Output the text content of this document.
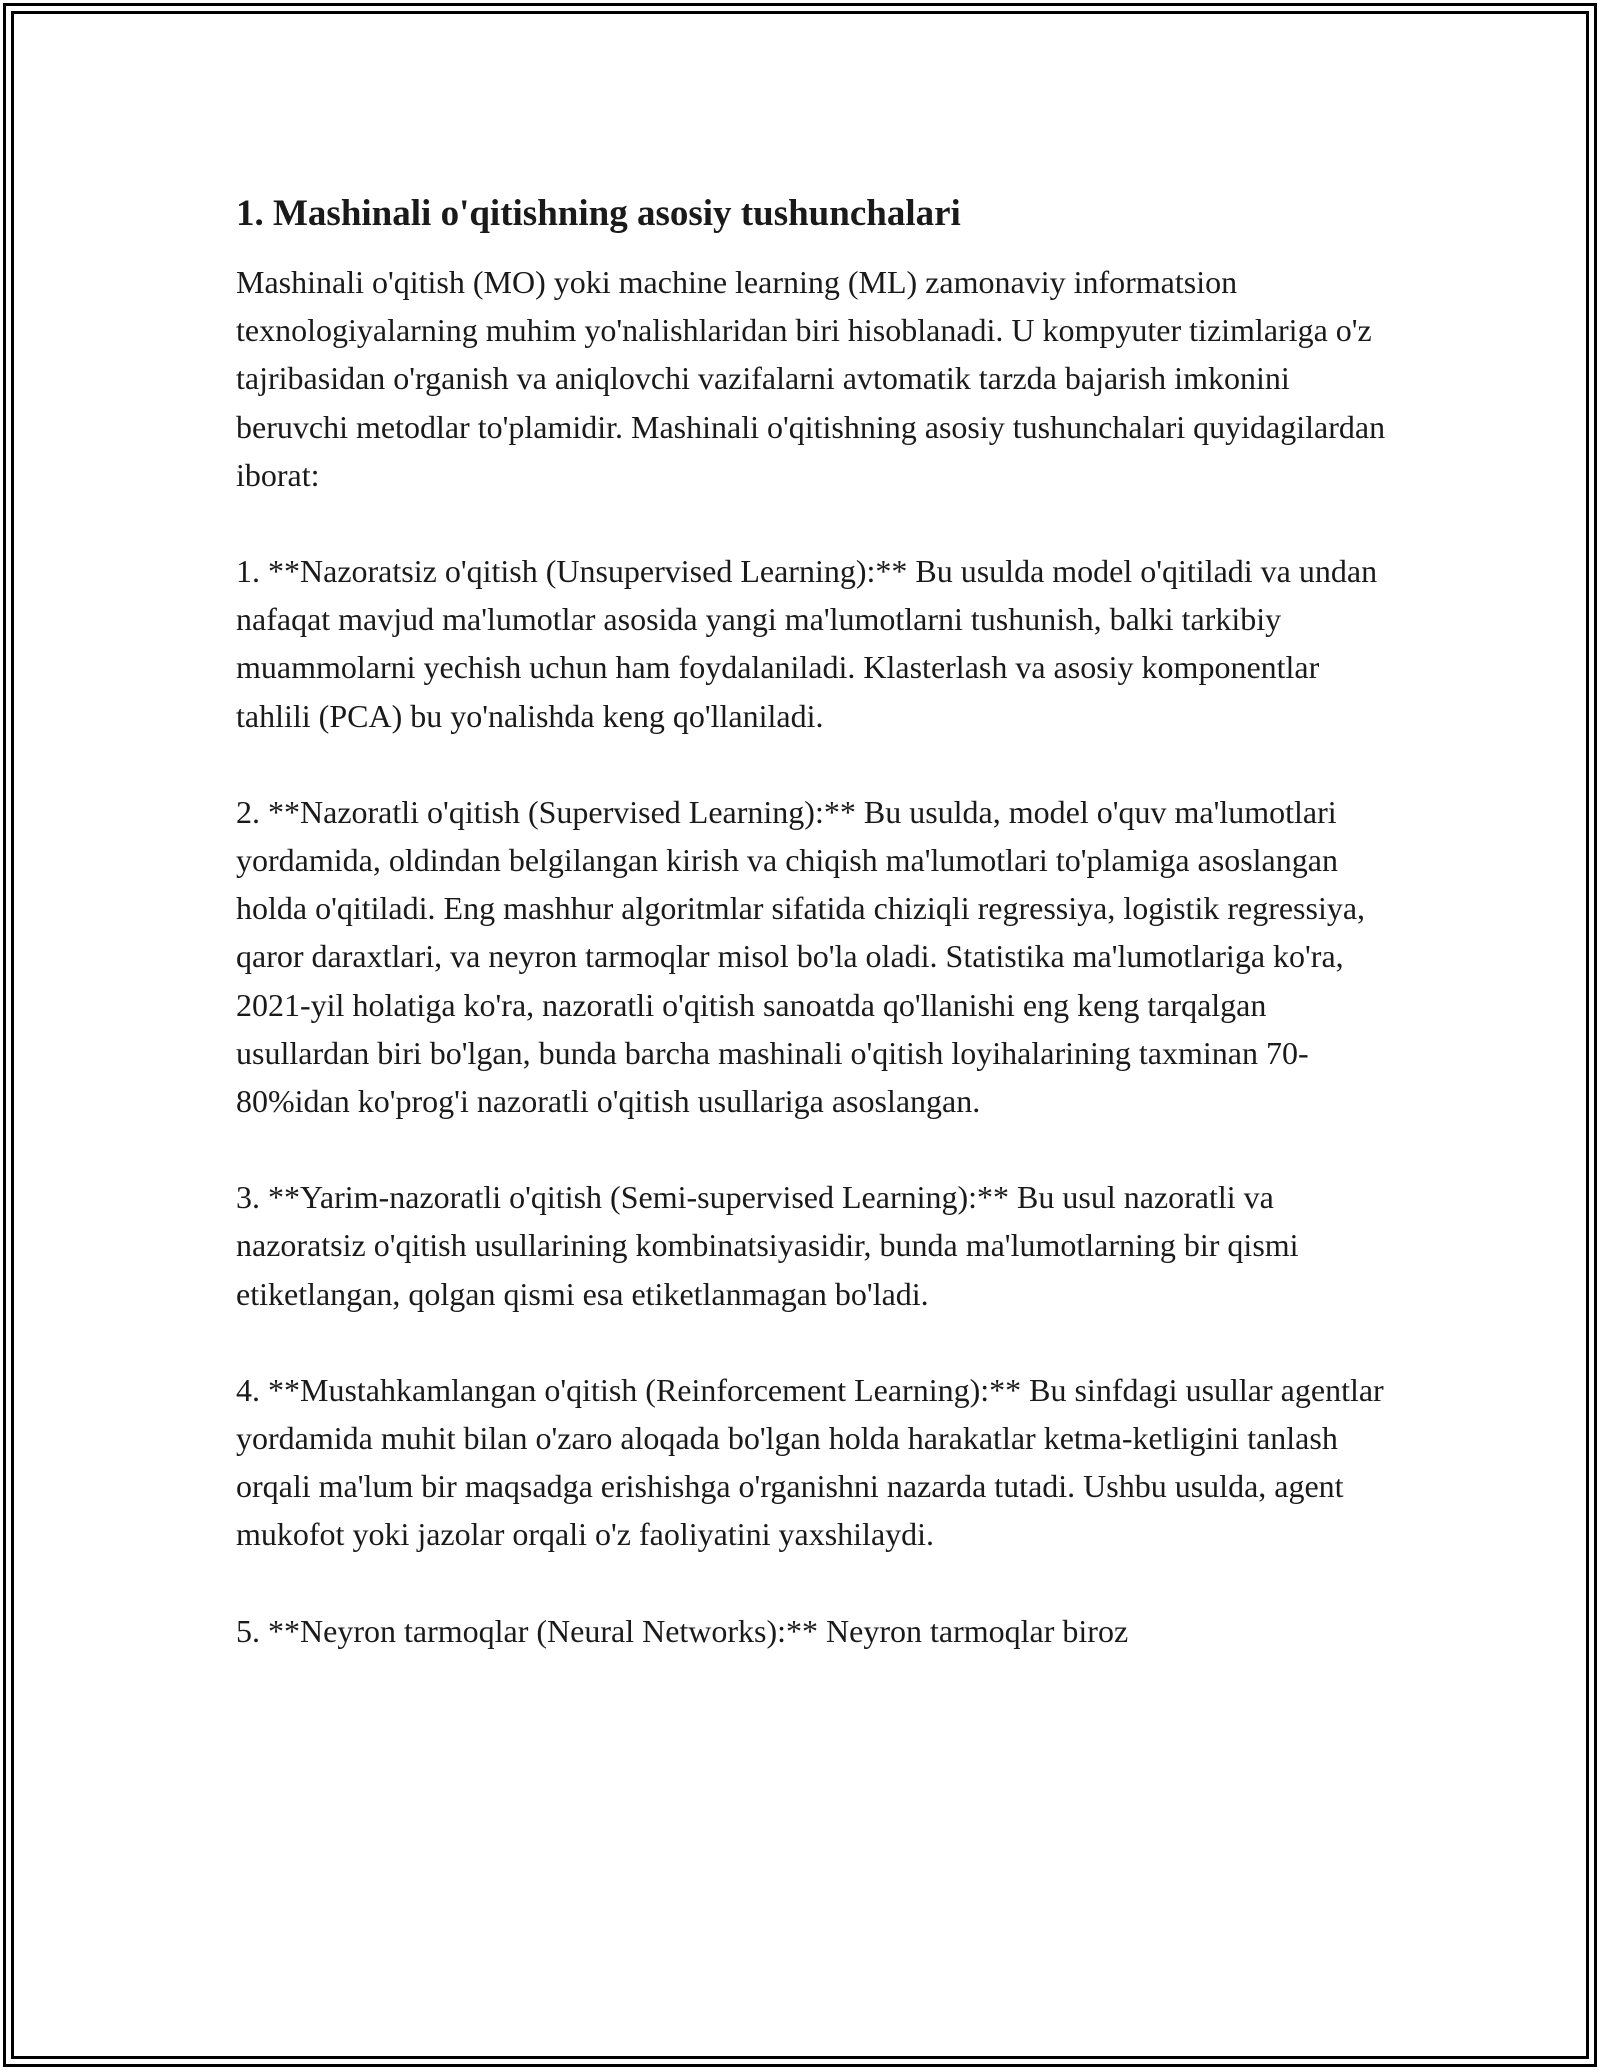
1. Mashinali o'qitishning asosiy tushunchalari

Mashinali o'qitish (MO) yoki machine learning (ML) zamonaviy informatsion texnologiyalarning muhim yo'nalishlaridan biri hisoblanadi. U kompyuter tizimlariga o'z tajribasidan o'rganish va aniqlovchi vazifalarni avtomatik tarzda bajarish imkonini beruvchi metodlar to'plamidir. Mashinali o'qitishning asosiy tushunchalari quyidagilardan iborat:

1. **Nazoratsiz o'qitish (Unsupervised Learning):** Bu usulda model o'qitiladi va undan nafaqat mavjud ma'lumotlar asosida yangi ma'lumotlarni tushunish, balki tarkibiy muammolarni yechish uchun ham foydalaniladi. Klasterlash va asosiy komponentlar tahlili (PCA) bu yo'nalishda keng qo'llaniladi.

2. **Nazoratli o'qitish (Supervised Learning):** Bu usulda, model o'quv ma'lumotlari yordamida, oldindan belgilangan kirish va chiqish ma'lumotlari to'plamiga asoslangan holda o'qitiladi. Eng mashhur algoritmlar sifatida chiziqli regressiya, logistik regressiya, qaror daraxtlari, va neyron tarmoqlar misol bo'la oladi. Statistika ma'lumotlariga ko'ra, 2021-yil holatiga ko'ra, nazoratli o'qitish sanoatda qo'llanishi eng keng tarqalgan usullardan biri bo'lgan, bunda barcha mashinali o'qitish loyihalarining taxminan 70-80%idan ko'prog'i nazoratli o'qitish usullariga asoslangan.

3. **Yarim-nazoratli o'qitish (Semi-supervised Learning):** Bu usul nazoratli va nazoratsiz o'qitish usullarining kombinatsiyasidir, bunda ma'lumotlarning bir qismi etiketlangan, qolgan qismi esa etiketlanmagan bo'ladi.

4. **Mustahkamlangan o'qitish (Reinforcement Learning):** Bu sinfdagi usullar agentlar yordamida muhit bilan o'zaro aloqada bo'lgan holda harakatlar ketma-ketligini tanlash orqali ma'lum bir maqsadga erishishga o'rganishni nazarda tutadi. Ushbu usulda, agent mukofot yoki jazolar orqali o'z faoliyatini yaxshilaydi.

5. **Neyron tarmoqlar (Neural Networks):** Neyron tarmoqlar biroz
